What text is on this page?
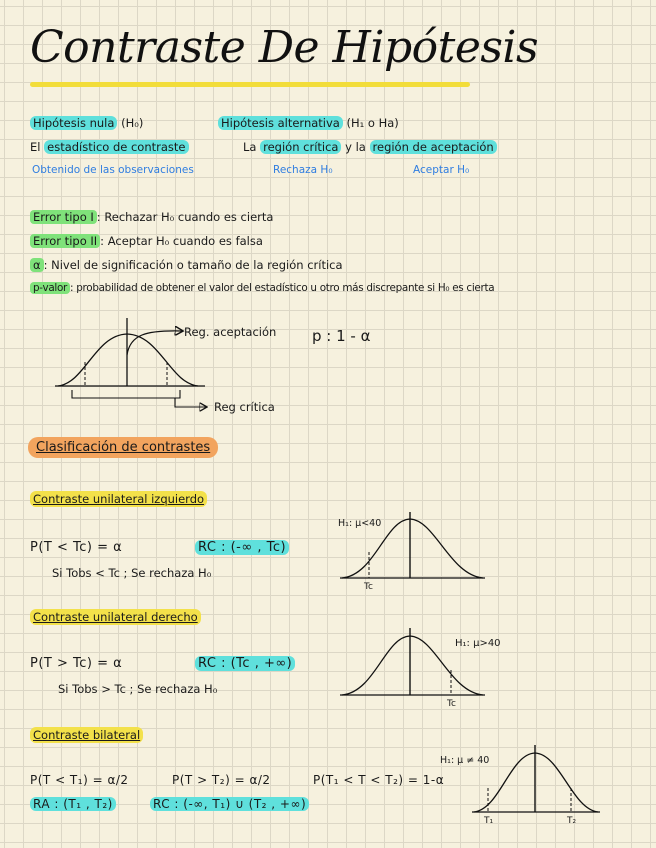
Contraste De Hipótesis
Hipótesis nula (H₀)	Hipótesis alternativa (H₁ o Ha)
El estadístico de contraste	La región crítica y la región de aceptación
Obtenido de las observaciones	Rechaza H₀	Aceptar H₀
Error tipo I : Rechazar H₀ cuando es cierta
Error tipo II : Aceptar H₀ cuando es falsa
α : Nivel de significación o tamaño de la región crítica
p-valor : probabilidad de obtener el valor del estadístico u otro más discrepante si H₀ es cierta
Reg. aceptación p : 1 - α
Reg crítica
Clasificación de contrastes
Contraste unilateral izquierdo
P(T < Tc) = α	RC : (-∞ , Tc)
Si Tobs < Tc ; Se rechaza H₀
H₁: μ<40
Tc
Contraste unilateral derecho
P(T > Tc) = α	RC : (Tc , +∞)
Si Tobs > Tc ; Se rechaza H₀
H₁: μ>40
Tc
Contraste bilateral
P(T < T₁) = α/2	P(T > T₂) = α/2	P(T₁ < T < T₂) = 1-α
RA : (T₁ , T₂)	RC : (-∞, T₁) ∪ (T₂ , +∞)
H₁: μ ≠ 40
T₁	T₂
